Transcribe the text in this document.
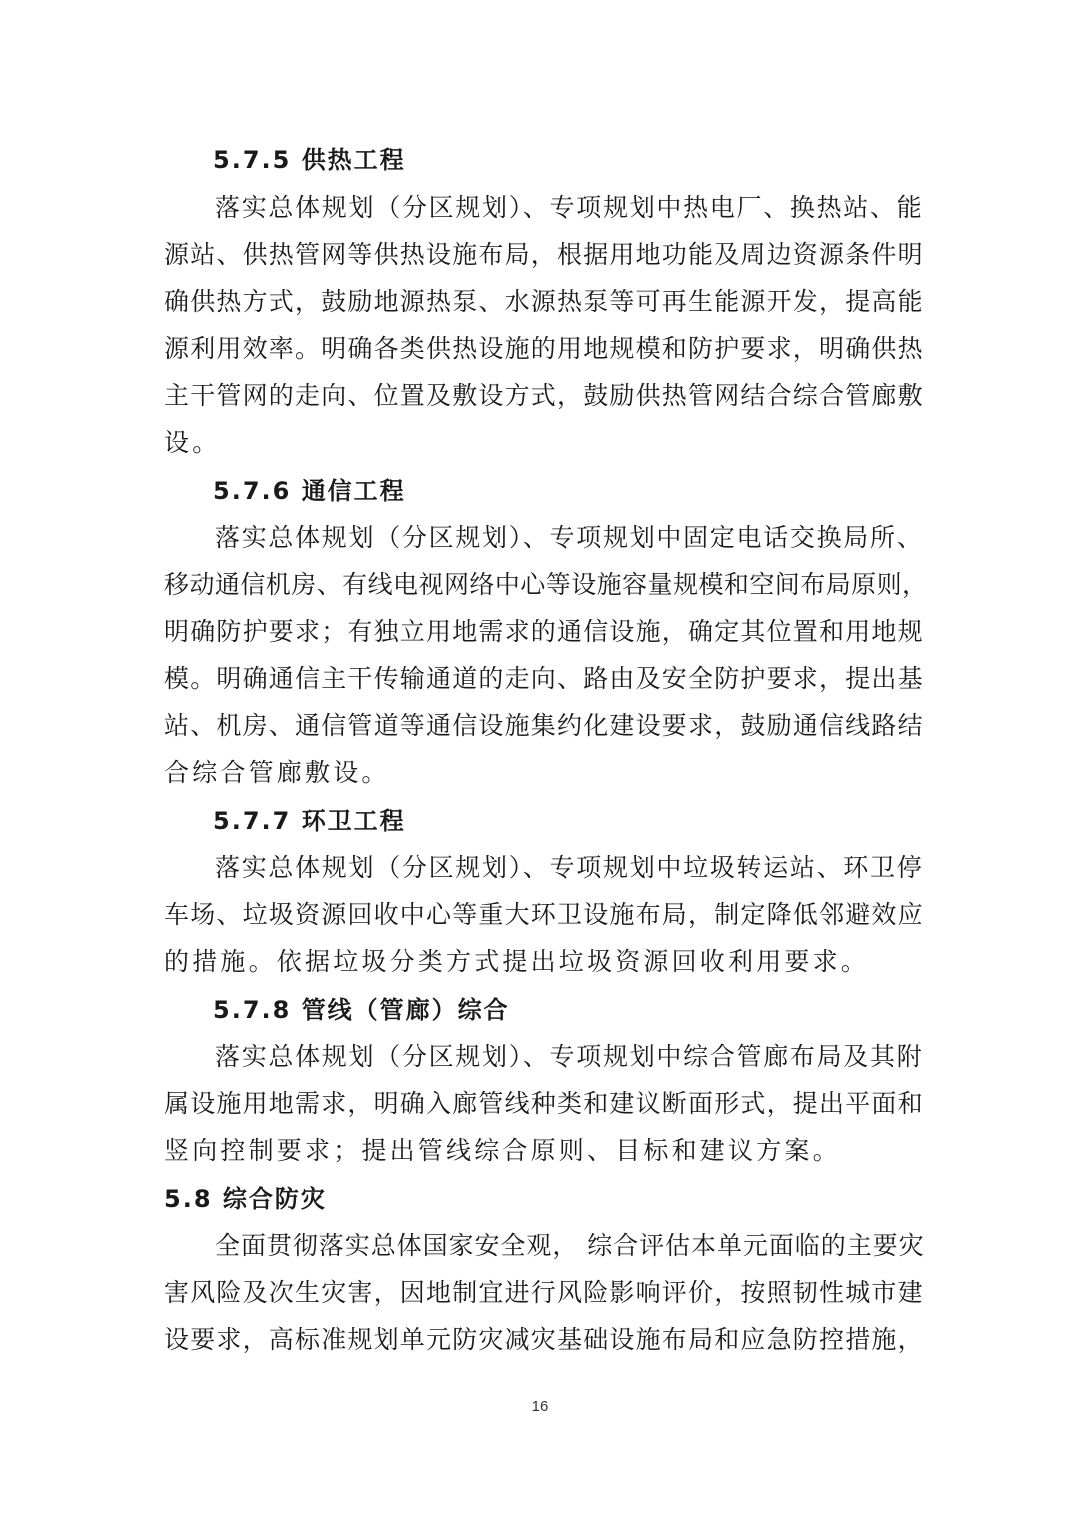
5.7.5 供热工程
落实总体规划（分区规划）、专项规划中热电厂、换热站、能
源站、供热管网等供热设施布局，根据用地功能及周边资源条件明
确供热方式，鼓励地源热泵、水源热泵等可再生能源开发，提高能
源利用效率。明确各类供热设施的用地规模和防护要求，明确供热
主干管网的走向、位置及敷设方式，鼓励供热管网结合综合管廊敷
设。
5.7.6 通信工程
落实总体规划（分区规划）、专项规划中固定电话交换局所、
移动通信机房、有线电视网络中心等设施容量规模和空间布局原则，
明确防护要求；有独立用地需求的通信设施，确定其位置和用地规
模。明确通信主干传输通道的走向、路由及安全防护要求，提出基
站、机房、通信管道等通信设施集约化建设要求，鼓励通信线路结
合综合管廊敷设。
5.7.7 环卫工程
落实总体规划（分区规划）、专项规划中垃圾转运站、环卫停
车场、垃圾资源回收中心等重大环卫设施布局，制定降低邻避效应
的措施。依据垃圾分类方式提出垃圾资源回收利用要求。
5.7.8 管线（管廊）综合
落实总体规划（分区规划）、专项规划中综合管廊布局及其附
属设施用地需求，明确入廊管线种类和建议断面形式，提出平面和
竖向控制要求；提出管线综合原则、目标和建议方案。
5.8 综合防灾
全面贯彻落实总体国家安全观， 综合评估本单元面临的主要灾
害风险及次生灾害，因地制宜进行风险影响评价，按照韧性城市建
设要求，高标准规划单元防灾减灾基础设施布局和应急防控措施，
16
